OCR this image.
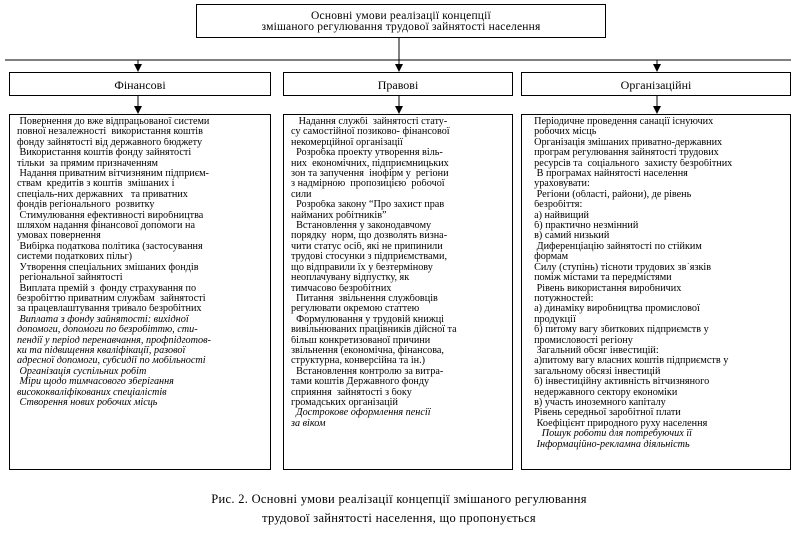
Основні умови реалізації концепції
змішаного регулювання трудової зайнятості населення
Фінансові	Правові	Організаційні
Повернення до вже відпрацьованої системи
повної незалежності  використання коштів
фонду зайнятості від державного бюджету
Використання коштів фонду зайнятості
тільки  за прямим призначенням
Надання приватним вітчизняним підприєм-
ствам  кредитів з коштів  змішаних і
спеціаль-них державних   та приватних
фондів регіонального  розвитку
Стимулювання ефективності виробництва
шляхом надання фінансової допомоги на
умовах повернення
Вибірка податкова політика (застосування
системи податкових пільг)
Утворення спеціальних змішаних фондів
регіональної зайнятості
Виплата премій з  фонду страхування по
безробіттю приватним службам  зайнятості
за працевлаштування тривало безробітних
Виплата з фонду зайнятості: вихідної
допомоги, допомоги по безробіттю, сти-
пендії у період перенавчання, профпідготов-
ки та підвищення кваліфікації, разової
адресної допомоги, субсидії по мобільності
Організація суспільних робіт
Міри щодо тимчасового зберігання
висококваліфікованих спеціалістів
Створення нових робочих місць
Надання службі  зайнятості стату-
су самостійної позиково- фінансової
некомерційної організації
Розробка проекту утворення віль-
них  економічних, підприємницьких
зон та запучення  інофірм у  регіони
з надмірною  пропозицією  робочої
сили
Розробка закону “Про захист прав
найманих робітників”
Встановлення у законодавчому
порядку  норм, що дозволять визна-
чити статус осіб, які не припинили
трудові стосунки з підприємствами,
що відправили їх у безтермінову
неоплачувану відпустку, як
тимчасово безробітних
Питання  звільнення службовців
регулювати окремою статтею
Формулювання у трудовій книжці
вивільнюваних працівників дійсної та
більш конкретизованої причини
звільнення (економічна, фінансова,
структурна, конверсійна та ін.)
Встановлення контролю за витра-
тами коштів Державного фонду
сприяння  зайнятості з боку
громадських організацій
Дострокове оформлення пенсії
за віком
Періодичне проведення санації існуючих
робочих місць
Організація змішаних приватно-державних
програм регулювання зайнятості трудових
ресурсів та  соціального  захисту безробітних
В програмах найнятості населення
ураховувати:
Регіони (області, райони), де рівень
безробіття:
а) найвищий
б) практично незмінний
в) самий низький
Диференціацію зайнятості по стійким
формам
Силу (ступінь) тісноти трудових зв`язків
поміж містами та передмістями
Рівень використання виробничих
потужностей:
а) динаміку виробництва промислової
продукції
б) питому вагу збиткових підприємств у
промисловості регіону
Загальний обсяг інвестицій:
а)питому вагу власних коштів підприємств у
загальному обсязі інвестицій
б) інвестиційну активність вітчизняного
недержавного сектору економіки
в) участь иноземного капіталу
Рівень середньої заробітної плати
Коефіцієнт природного руху населення
Пошук роботи для потребуючих її
Інформаційно-рекламна діяльність
Рис. 2. Основні умови реалізації концепції змішаного регулювання
трудової зайнятості населення, що пропонується
